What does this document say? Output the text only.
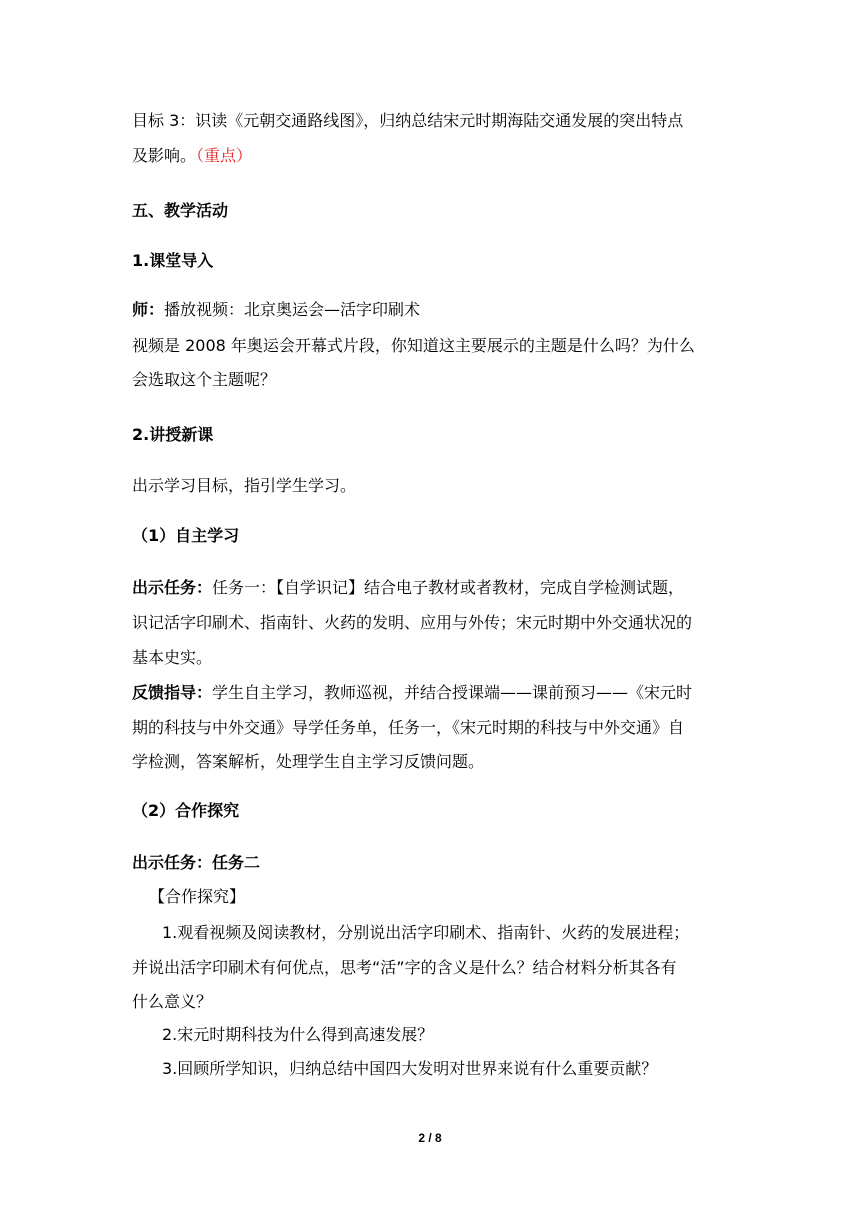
目标 3：识读《元朝交通路线图》，归纳总结宋元时期海陆交通发展的突出特点
及影响。（重点）
五、教学活动
1.课堂导入
师：播放视频：北京奥运会—活字印刷术
视频是 2008 年奥运会开幕式片段，你知道这主要展示的主题是什么吗？为什么
会选取这个主题呢？
2.讲授新课
出示学习目标，指引学生学习。
（1）自主学习
出示任务：任务一：【自学识记】结合电子教材或者教材，完成自学检测试题，
识记活字印刷术、指南针、火药的发明、应用与外传；宋元时期中外交通状况的
基本史实。
反馈指导：学生自主学习，教师巡视，并结合授课端——课前预习——《宋元时
期的科技与中外交通》导学任务单，任务一，《宋元时期的科技与中外交通》自
学检测，答案解析，处理学生自主学习反馈问题。
（2）合作探究
出示任务：任务二
【合作探究】
1.观看视频及阅读教材，分别说出活字印刷术、指南针、火药的发展进程；
并说出活字印刷术有何优点，思考“活”字的含义是什么？结合材料分析其各有
什么意义？
2.宋元时期科技为什么得到高速发展？
3.回顾所学知识，归纳总结中国四大发明对世界来说有什么重要贡献？
2 / 8
